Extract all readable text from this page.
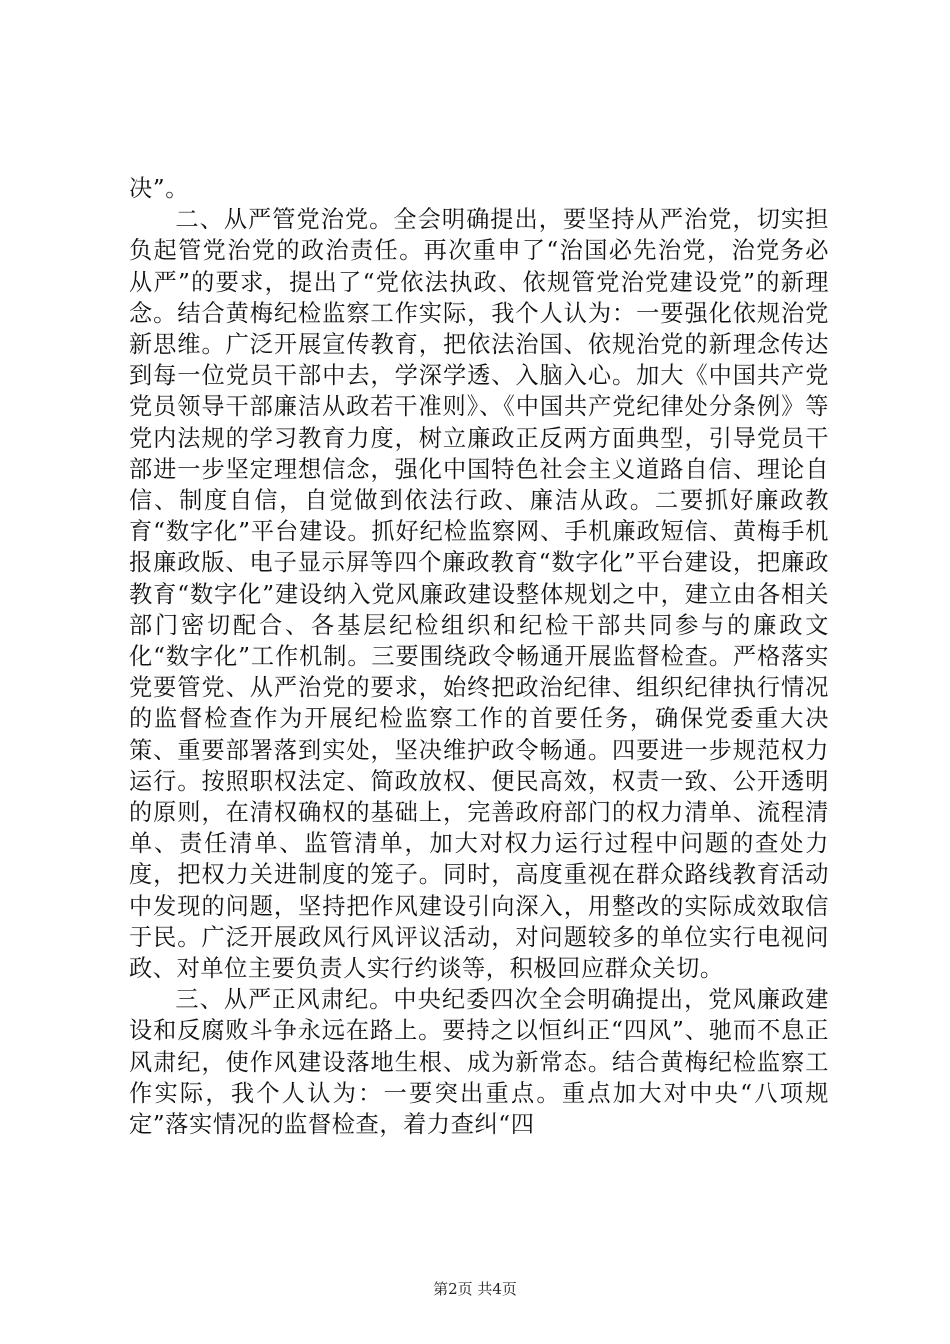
决”。

二、从严管党治党。全会明确提出，要坚持从严治党，切实担负起管党治党的政治责任。再次重申了“治国必先治党，治党务必从严”的要求，提出了“党依法执政、依规管党治党建设党”的新理念。结合黄梅纪检监察工作实际，我个人认为：一要强化依规治党新思维。广泛开展宣传教育，把依法治国、依规治党的新理念传达到每一位党员干部中去，学深学透、入脑入心。加大《中国共产党党员领导干部廉洁从政若干准则》、《中国共产党纪律处分条例》等党内法规的学习教育力度，树立廉政正反两方面典型，引导党员干部进一步坚定理想信念，强化中国特色社会主义道路自信、理论自信、制度自信，自觉做到依法行政、廉洁从政。二要抓好廉政教育“数字化”平台建设。抓好纪检监察网、手机廉政短信、黄梅手机报廉政版、电子显示屏等四个廉政教育“数字化”平台建设，把廉政教育“数字化”建设纳入党风廉政建设整体规划之中，建立由各相关部门密切配合、各基层纪检组织和纪检干部共同参与的廉政文化“数字化”工作机制。三要围绕政令畅通开展监督检查。严格落实党要管党、从严治党的要求，始终把政治纪律、组织纪律执行情况的监督检查作为开展纪检监察工作的首要任务，确保党委重大决策、重要部署落到实处，坚决维护政令畅通。四要进一步规范权力运行。按照职权法定、简政放权、便民高效，权责一致、公开透明的原则，在清权确权的基础上，完善政府部门的权力清单、流程清单、责任清单、监管清单，加大对权力运行过程中问题的查处力度，把权力关进制度的笼子。同时，高度重视在群众路线教育活动中发现的问题，坚持把作风建设引向深入，用整改的实际成效取信于民。广泛开展政风行风评议活动，对问题较多的单位实行电视问政、对单位主要负责人实行约谈等，积极回应群众关切。

三、从严正风肃纪。中央纪委四次全会明确提出，党风廉政建设和反腐败斗争永远在路上。要持之以恒纠正“四风”、驰而不息正风肃纪，使作风建设落地生根、成为新常态。结合黄梅纪检监察工作实际，我个人认为：一要突出重点。重点加大对中央“八项规定”落实情况的监督检查，着力查纠“四

第2页 共4页
